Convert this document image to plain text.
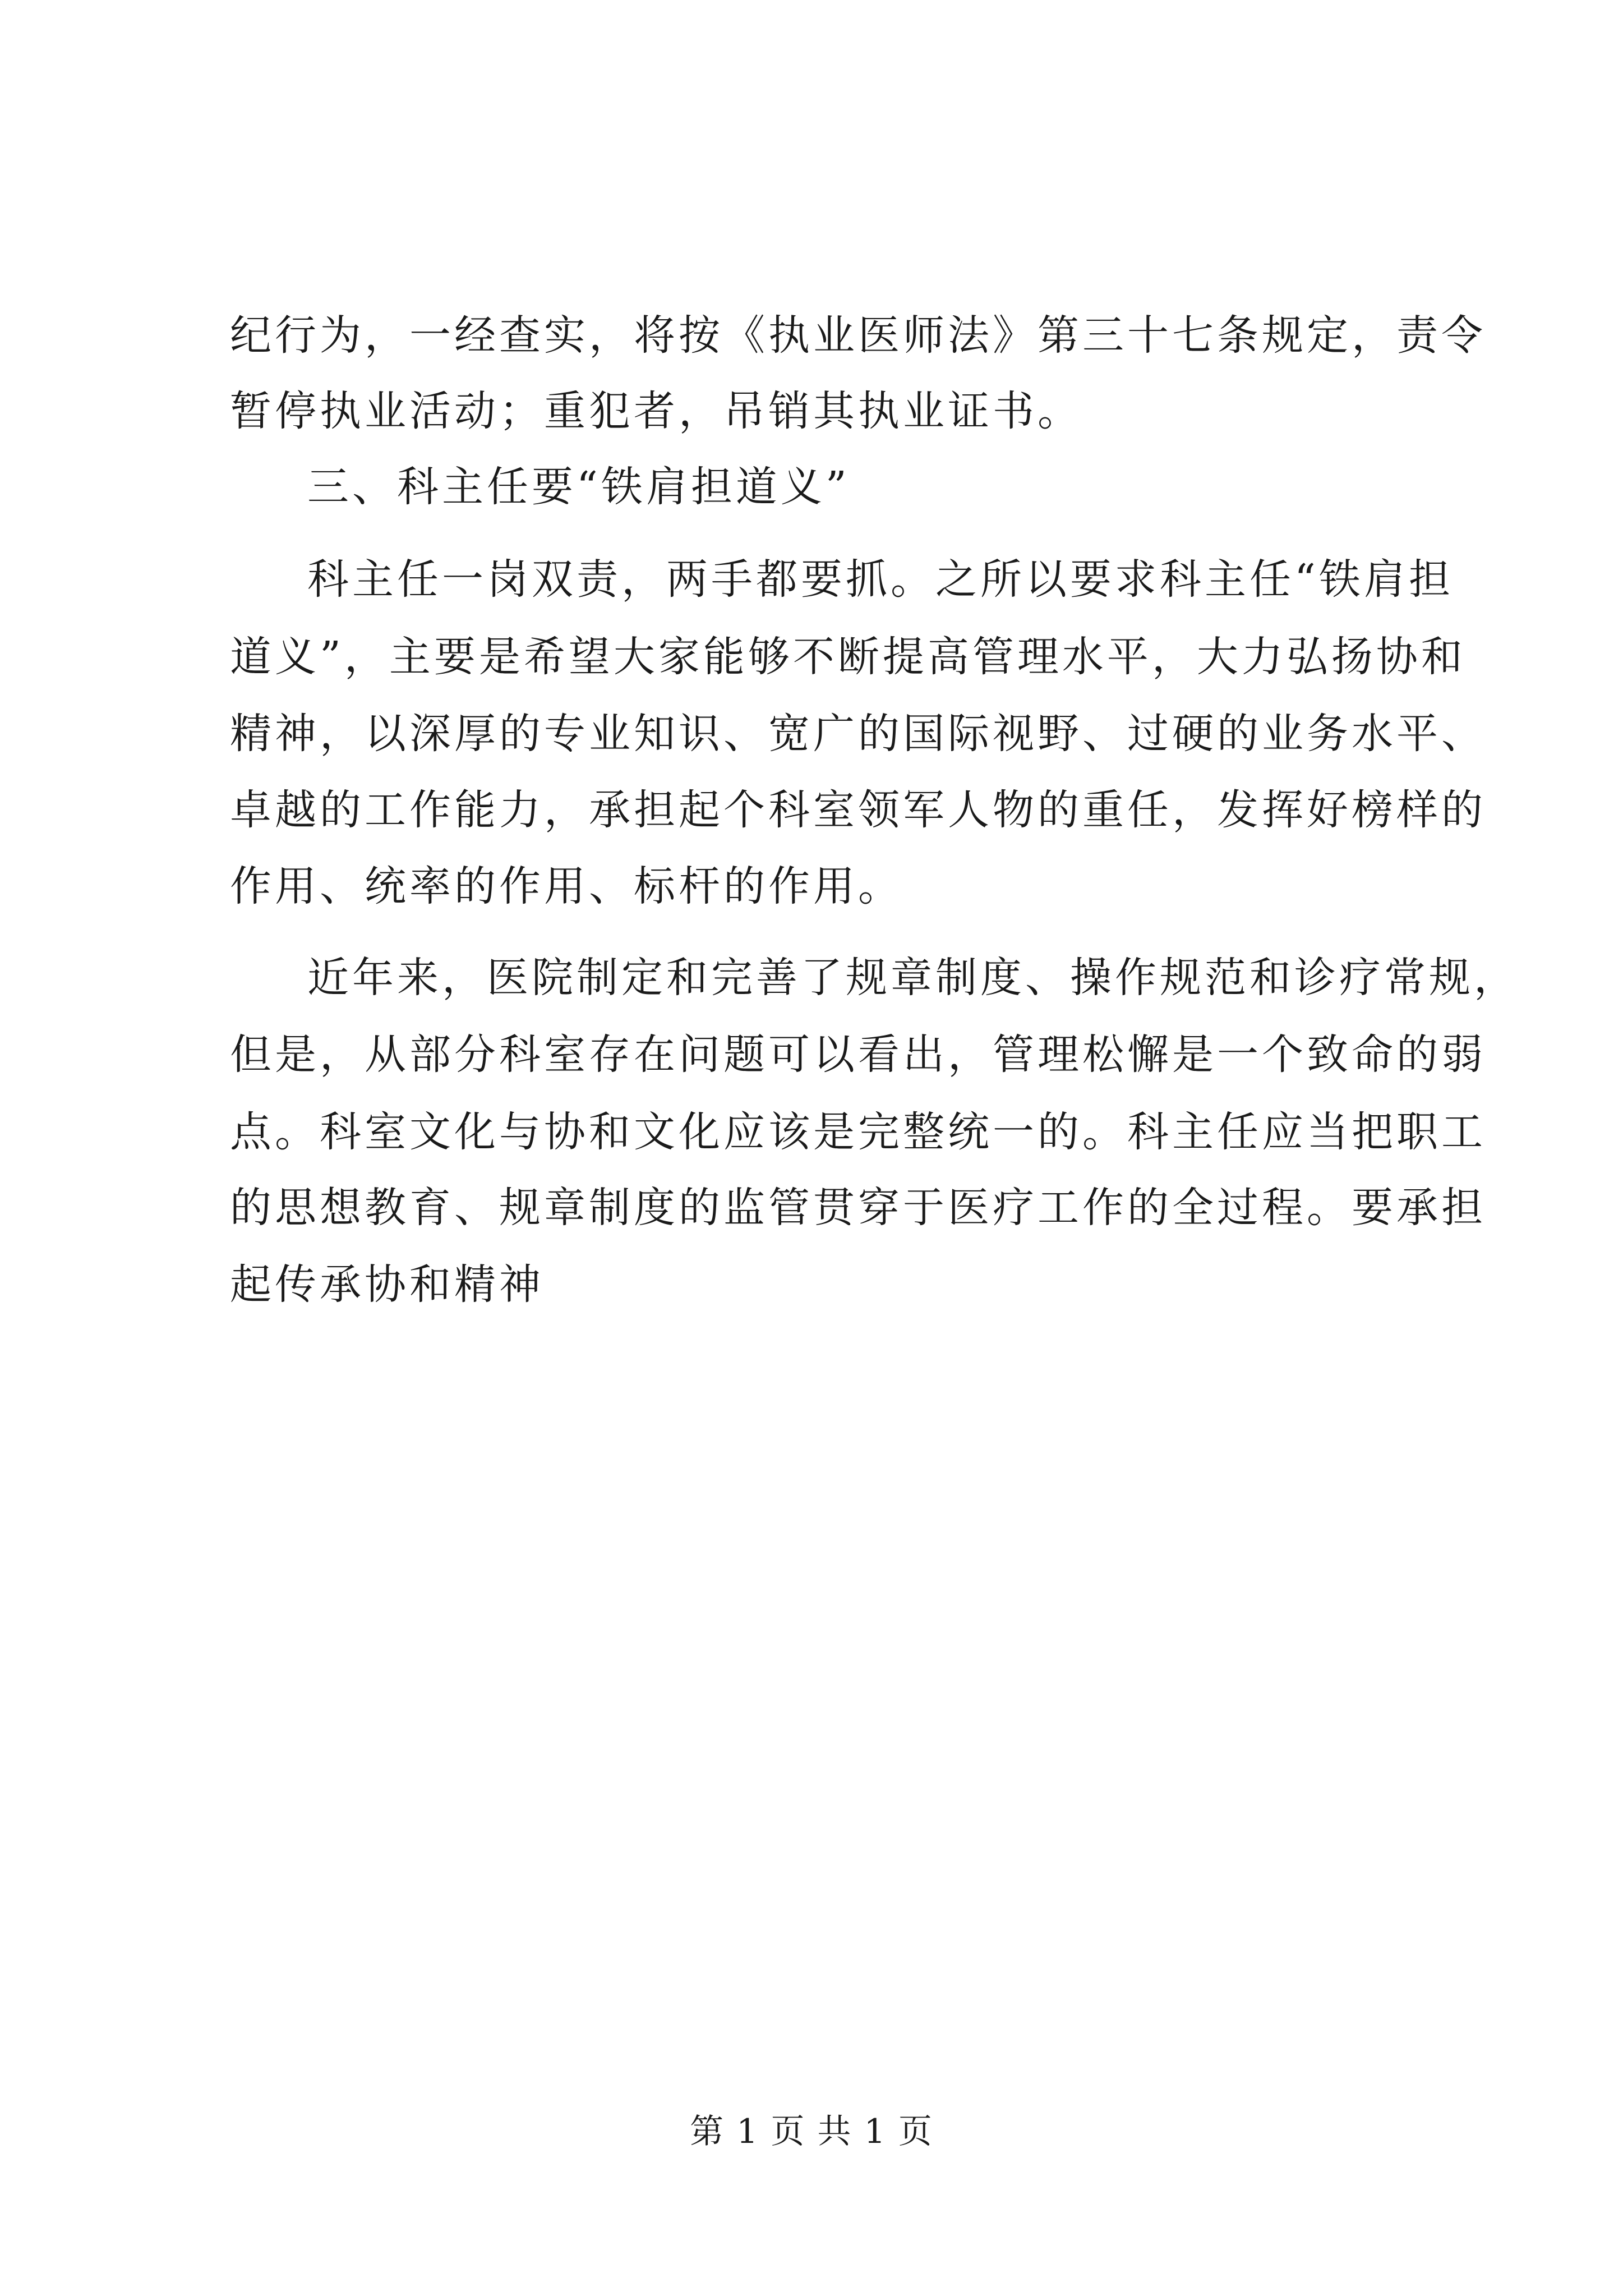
纪行为，一经查实，将按《执业医师法》第三十七条规定，责令
暂停执业活动；重犯者，吊销其执业证书。
三、科主任要“铁肩担道义”
科主任一岗双责，两手都要抓。之所以要求科主任“铁肩担
道义”，主要是希望大家能够不断提高管理水平，大力弘扬协和
精神，以深厚的专业知识、宽广的国际视野、过硬的业务水平、
卓越的工作能力，承担起个科室领军人物的重任，发挥好榜样的
作用、统率的作用、标杆的作用。
近年来，医院制定和完善了规章制度、操作规范和诊疗常规，
但是，从部分科室存在问题可以看出，管理松懈是一个致命的弱
点。科室文化与协和文化应该是完整统一的。科主任应当把职工
的思想教育、规章制度的监管贯穿于医疗工作的全过程。要承担
起传承协和精神
第 1 页 共 1 页
